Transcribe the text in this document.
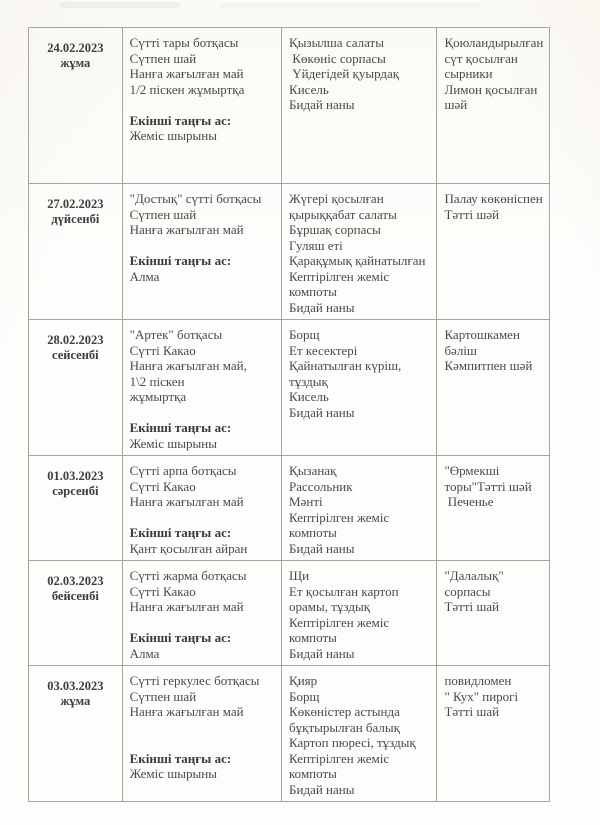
24.02.2023
жұма
Сүтті тары ботқасы
Сүтпен шай
Нанға жағылған май
1/2 піскен жұмыртқа

Екінші таңғы ас:
Жеміс шырыны
Қызылша салаты
Көкөніс сорпасы
Үйдегідей қуырдақ
Кисель
Бидай наны
Қоюландырылған сүт қосылған сырники
Лимон қосылған шәй
27.02.2023
дүйсенбі
"Достық" сүтті ботқасы
Сүтпен шай
Нанға жағылған май

Екінші таңғы ас:
Алма
Жүгері қосылған қырыққабат салаты
Бұршақ сорпасы
Гуляш еті
Қарақұмық қайнатылған
Кептірілген жеміс компоты
Бидай наны
Палау көкөніспен
Тәтті шәй
28.02.2023
сейсенбі
"Артек" ботқасы
Сүтті Какао
Нанға жағылған май,
1\2 піскен
жұмыртқа

Екінші таңғы ас:
Жеміс шырыны
Борщ
Ет кесектері
Қайнатылған күріш, тұздық
Кисель
Бидай наны
Картошкамен бәліш
Кәмпитпен шәй
01.03.2023
сәрсенбі
Сүтті арпа ботқасы
Сүтті Какао
Нанға жағылған май

Екінші таңғы ас:
Қант қосылған айран
Қызанақ
Рассольник
Мәнті
Кептірілген жеміс компоты
Бидай наны
"Өрмекші торы"Тәтті шәй
Печенье
02.03.2023
бейсенбі
Сүтті жарма ботқасы
Сүтті Какао
Нанға жағылған май

Екінші таңғы ас:
Алма
Щи
Ет қосылған картоп орамы, тұздық
Кептірілген жеміс компоты
Бидай наны
"Далалық" сорпасы
Тәтті шай
03.03.2023
жұма
Сүтті геркулес ботқасы
Сүтпен шай
Нанға жағылған май

Екінші таңғы ас:
Жеміс шырыны
Қияр
Борщ
Көкөністер астында бұқтырылған балық
Картоп пюресі, тұздық
Кептірілген жеміс компоты
Бидай наны
повидломен
" Кух" пирогі
Тәтті шай
